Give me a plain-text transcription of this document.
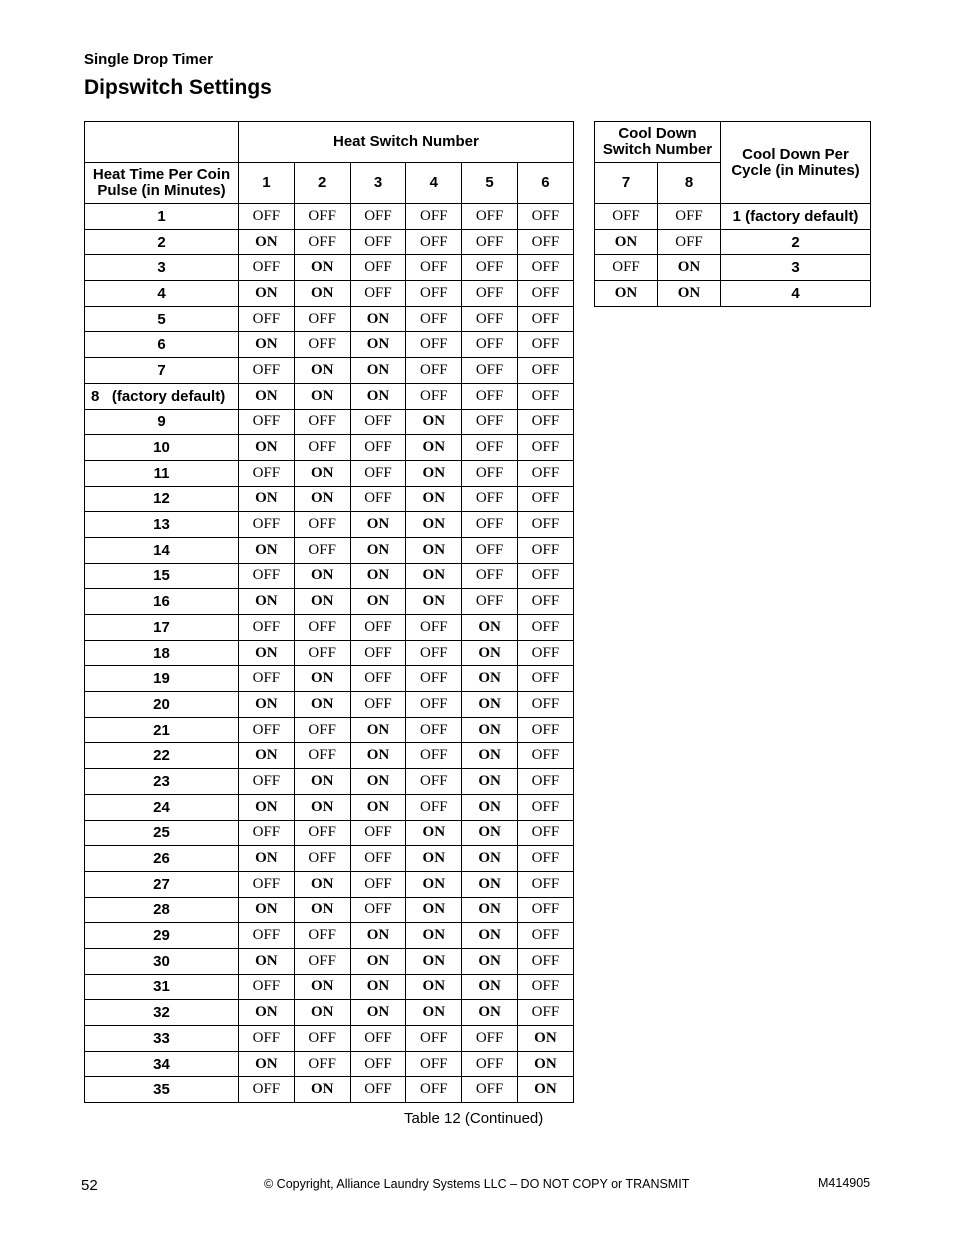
Single Drop Timer
Dipswitch Settings
	Heat Switch Number					
Heat Time Per Coin Pulse (in Minutes)	1	2	3	4	5	6
1	OFF	OFF	OFF	OFF	OFF	OFF
2	ON	OFF	OFF	OFF	OFF	OFF
3	OFF	ON	OFF	OFF	OFF	OFF
4	ON	ON	OFF	OFF	OFF	OFF
5	OFF	OFF	ON	OFF	OFF	OFF
6	ON	OFF	ON	OFF	OFF	OFF
7	OFF	ON	ON	OFF	OFF	OFF
8   (factory default)	ON	ON	ON	OFF	OFF	OFF
9	OFF	OFF	OFF	ON	OFF	OFF
10	ON	OFF	OFF	ON	OFF	OFF
11	OFF	ON	OFF	ON	OFF	OFF
12	ON	ON	OFF	ON	OFF	OFF
13	OFF	OFF	ON	ON	OFF	OFF
14	ON	OFF	ON	ON	OFF	OFF
15	OFF	ON	ON	ON	OFF	OFF
16	ON	ON	ON	ON	OFF	OFF
17	OFF	OFF	OFF	OFF	ON	OFF
18	ON	OFF	OFF	OFF	ON	OFF
19	OFF	ON	OFF	OFF	ON	OFF
20	ON	ON	OFF	OFF	ON	OFF
21	OFF	OFF	ON	OFF	ON	OFF
22	ON	OFF	ON	OFF	ON	OFF
23	OFF	ON	ON	OFF	ON	OFF
24	ON	ON	ON	OFF	ON	OFF
25	OFF	OFF	OFF	ON	ON	OFF
26	ON	OFF	OFF	ON	ON	OFF
27	OFF	ON	OFF	ON	ON	OFF
28	ON	ON	OFF	ON	ON	OFF
29	OFF	OFF	ON	ON	ON	OFF
30	ON	OFF	ON	ON	ON	OFF
31	OFF	ON	ON	ON	ON	OFF
32	ON	ON	ON	ON	ON	OFF
33	OFF	OFF	OFF	OFF	OFF	ON
34	ON	OFF	OFF	OFF	OFF	ON
35	OFF	ON	OFF	OFF	OFF	ON
Cool Down Switch Number		Cool Down Per Cycle (in Minutes)
7	8	
OFF	OFF	1 (factory default)
ON	OFF	2
OFF	ON	3
ON	ON	4
Table 12 (Continued)
52	© Copyright, Alliance Laundry Systems LLC – DO NOT COPY or TRANSMIT	M414905
